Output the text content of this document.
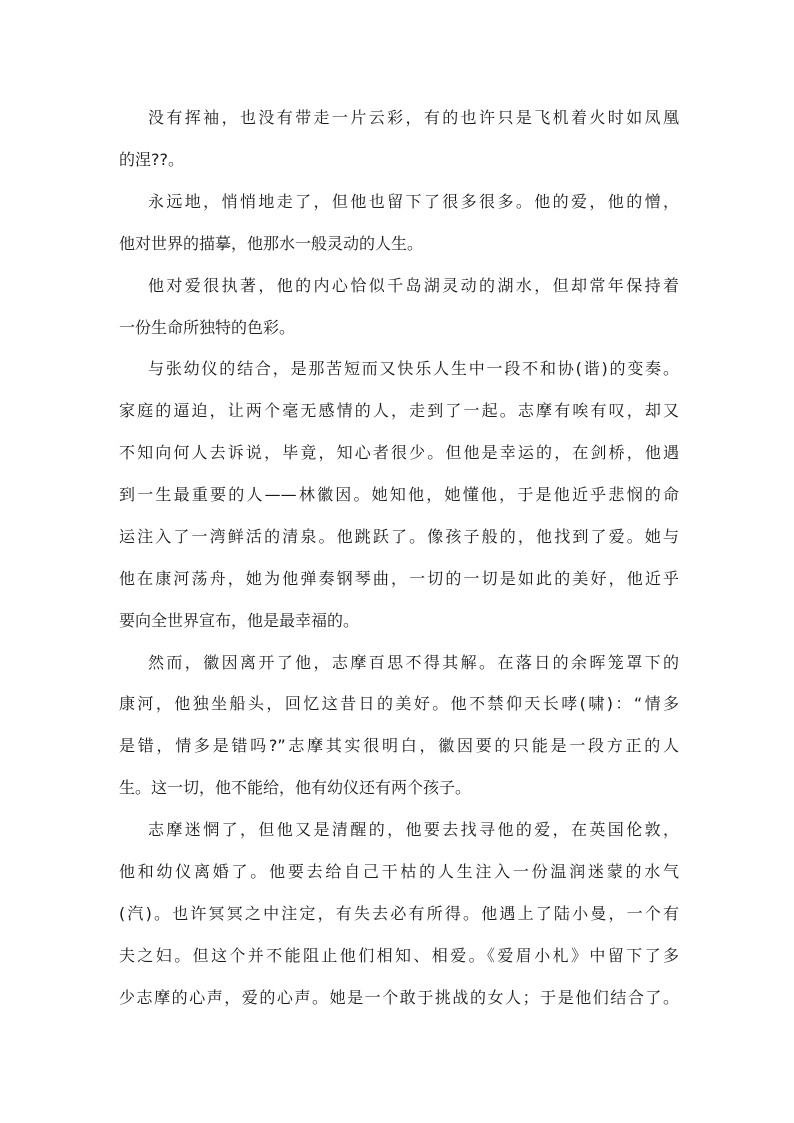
没有挥袖，也没有带走一片云彩，有的也许只是飞机着火时如凤凰
的涅??。
永远地，悄悄地走了，但他也留下了很多很多。他的爱，他的憎，
他对世界的描摹，他那水一般灵动的人生。
他对爱很执著，他的内心恰似千岛湖灵动的湖水，但却常年保持着
一份生命所独特的色彩。
与张幼仪的结合，是那苦短而又快乐人生中一段不和协(谐)的变奏。
家庭的逼迫，让两个毫无感情的人，走到了一起。志摩有唉有叹，却又
不知向何人去诉说，毕竟，知心者很少。但他是幸运的，在剑桥，他遇
到一生最重要的人——林徽因。她知他，她懂他，于是他近乎悲悯的命
运注入了一湾鲜活的清泉。他跳跃了。像孩子般的，他找到了爱。她与
他在康河荡舟，她为他弹奏钢琴曲，一切的一切是如此的美好，他近乎
要向全世界宣布，他是最幸福的。
然而，徽因离开了他，志摩百思不得其解。在落日的余晖笼罩下的
康河，他独坐船头，回忆这昔日的美好。他不禁仰天长哮(啸)：“情多
是错，情多是错吗?”志摩其实很明白，徽因要的只能是一段方正的人
生。这一切，他不能给，他有幼仪还有两个孩子。
志摩迷惘了，但他又是清醒的，他要去找寻他的爱，在英国伦敦，
他和幼仪离婚了。他要去给自己干枯的人生注入一份温润迷蒙的水气
(汽)。也许冥冥之中注定，有失去必有所得。他遇上了陆小曼，一个有
夫之妇。但这个并不能阻止他们相知、相爱。《爱眉小札》中留下了多
少志摩的心声，爱的心声。她是一个敢于挑战的女人；于是他们结合了。
